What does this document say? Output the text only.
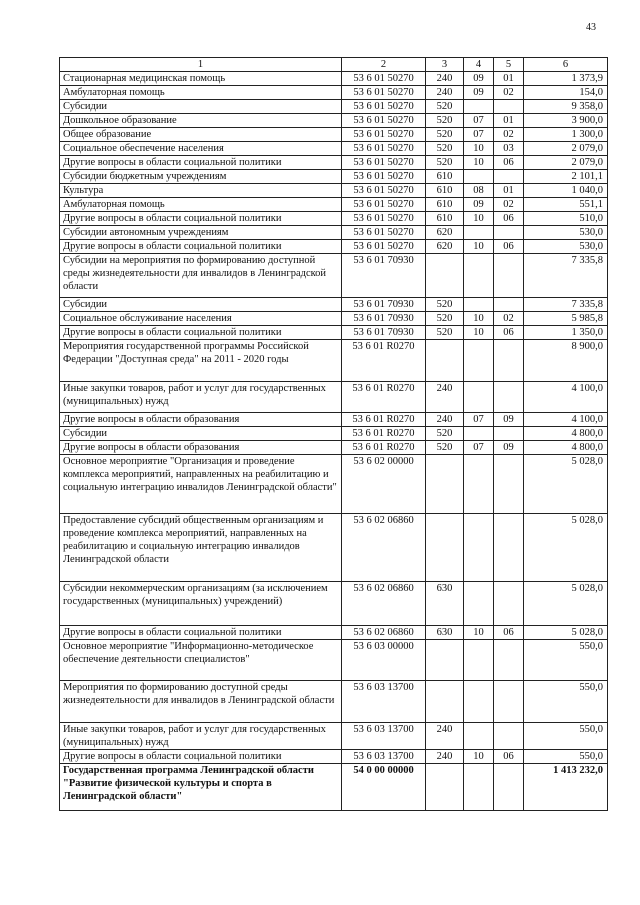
43
1	2	3	4	5	6
Стационарная медицинская помощь	53 6 01 50270	240	09	01	1 373,9
Амбулаторная помощь	53 6 01 50270	240	09	02	154,0
Субсидии	53 6 01 50270	520			9 358,0
Дошкольное образование	53 6 01 50270	520	07	01	3 900,0
Общее образование	53 6 01 50270	520	07	02	1 300,0
Социальное обеспечение населения	53 6 01 50270	520	10	03	2 079,0
Другие вопросы в области социальной политики	53 6 01 50270	520	10	06	2 079,0
Субсидии бюджетным учреждениям	53 6 01 50270	610			2 101,1
Культура	53 6 01 50270	610	08	01	1 040,0
Амбулаторная помощь	53 6 01 50270	610	09	02	551,1
Другие вопросы в области социальной политики	53 6 01 50270	610	10	06	510,0
Субсидии автономным учреждениям	53 6 01 50270	620			530,0
Другие вопросы в области социальной политики	53 6 01 50270	620	10	06	530,0
Субсидии на мероприятия по формированию доступной среды жизнедеятельности для инвалидов в Ленинградской области	53 6 01 70930				7 335,8
Субсидии	53 6 01 70930	520			7 335,8
Социальное обслуживание населения	53 6 01 70930	520	10	02	5 985,8
Другие вопросы в области социальной политики	53 6 01 70930	520	10	06	1 350,0
Мероприятия государственной программы Российской Федерации "Доступная среда" на 2011 - 2020 годы	53 6 01 R0270				8 900,0
Иные закупки товаров, работ и услуг для государственных (муниципальных) нужд	53 6 01 R0270	240			4 100,0
Другие вопросы в области образования	53 6 01 R0270	240	07	09	4 100,0
Субсидии	53 6 01 R0270	520			4 800,0
Другие вопросы в области образования	53 6 01 R0270	520	07	09	4 800,0
Основное мероприятие "Организация и проведение комплекса мероприятий, направленных на реабилитацию и социальную интеграцию инвалидов Ленинградской области"	53 6 02 00000				5 028,0
Предоставление субсидий общественным организациям и проведение комплекса мероприятий, направленных на реабилитацию и социальную интеграцию инвалидов Ленинградской области	53 6 02 06860				5 028,0
Субсидии некоммерческим организациям (за исключением государственных (муниципальных) учреждений)	53 6 02 06860	630			5 028,0
Другие вопросы в области социальной политики	53 6 02 06860	630	10	06	5 028,0
Основное мероприятие "Информационно-методическое обеспечение деятельности специалистов"	53 6 03 00000				550,0
Мероприятия по формированию доступной среды жизнедеятельности для инвалидов в Ленинградской области	53 6 03 13700				550,0
Иные закупки товаров, работ и услуг для государственных (муниципальных) нужд	53 6 03 13700	240			550,0
Другие вопросы в области социальной политики	53 6 03 13700	240	10	06	550,0
Государственная программа Ленинградской области "Развитие физической культуры и спорта в Ленинградской области"	54 0 00 00000				1 413 232,0
